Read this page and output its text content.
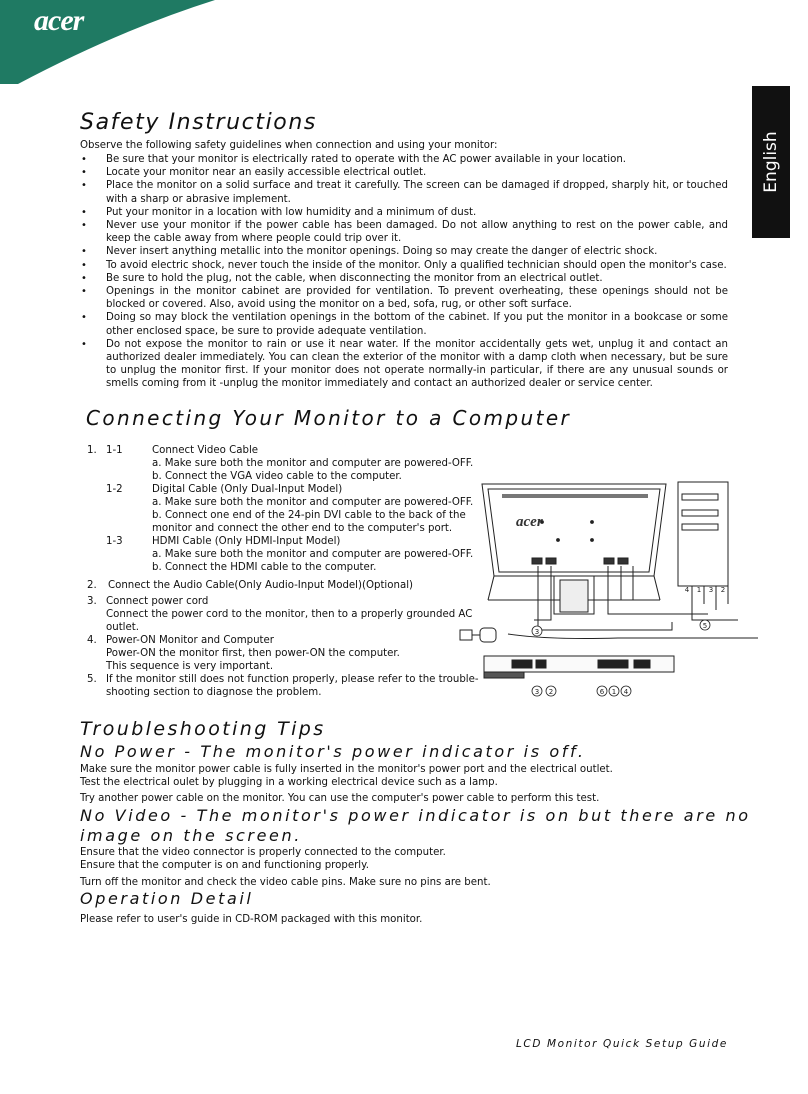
acer
English
Safety Instructions
Observe the following safety guidelines when connection and using your monitor:
• Be sure that your monitor is electrically rated to operate with the AC power available in your location.
• Locate your monitor near an easily accessible electrical outlet.
• Place the monitor on a solid surface and treat it carefully. The screen can be damaged if dropped, sharply hit, or touched with a sharp or abrasive implement.
• Put your monitor in a location with low humidity and a minimum of dust.
• Never use your monitor if the power cable has been damaged. Do not allow anything to rest on the power cable, and keep the cable away from where people could trip over it.
• Never insert anything metallic into the monitor openings. Doing so may create the danger of electric shock.
• To avoid electric shock, never touch the inside of the monitor. Only a qualified technician should open the monitor's case.
• Be sure to hold the plug, not the cable, when disconnecting the monitor from an electrical outlet.
• Openings in the monitor cabinet are provided for ventilation. To prevent overheating, these openings should not be blocked or covered. Also, avoid using the monitor on a bed, sofa, rug, or other soft surface.
• Doing so may block the ventilation openings in the bottom of the cabinet. If you put the monitor in a bookcase or some other enclosed space, be sure to provide adequate ventilation.
• Do not expose the monitor to rain or use it near water. If the monitor accidentally gets wet, unplug it and contact an authorized dealer immediately. You can clean the exterior of the monitor with a damp cloth when necessary, but be sure to unplug the monitor first. If your monitor does not operate normally-in particular, if there are any unusual sounds or smells coming from it -unplug the monitor immediately and contact an authorized dealer or service center.
Connecting Your Monitor to a Computer
1. 1-1	Connect Video Cable
a. Make sure both the monitor and computer are powered-OFF.
b. Connect the VGA video cable to the computer.
1-2	Digital Cable (Only Dual-Input Model)
a. Make sure both the monitor and computer are powered-OFF.
b. Connect one end of the 24-pin DVI cable to the back of the
monitor and connect the other end to the computer's port.
1-3	HDMI Cable (Only HDMI-Input Model)
a. Make sure both the monitor and computer are powered-OFF.
b. Connect the HDMI cable to the computer.
2. Connect the Audio Cable(Only Audio-Input Model)(Optional)
3. Connect power cord
Connect the power cord to the monitor, then to a properly grounded AC
outlet.
4. Power-ON Monitor and Computer
Power-ON the monitor first, then power-ON the computer.
This sequence is very important.
5. If the monitor still does not function properly, please refer to the trouble-
shooting section to diagnose the problem.
acer
4 1 3 2
3 2	6 1 4
3
5
Troubleshooting Tips
No Power - The monitor's power indicator is off.
Make sure the monitor power cable is fully inserted in the monitor's power port and the electrical outlet.
Test the electrical oulet by plugging in a working electrical device such as a lamp.
Try another power cable on the monitor. You can use the computer's power cable to perform this test.
No Video - The monitor's power indicator is on but there are no
image on the screen.
Ensure that the video connector is properly connected to the computer.
Ensure that the computer is on and functioning properly.
Turn off the monitor and check the video cable pins. Make sure no pins are bent.
Operation Detail
Please refer to user's guide in CD-ROM packaged with this monitor.
LCD Monitor Quick Setup Guide
